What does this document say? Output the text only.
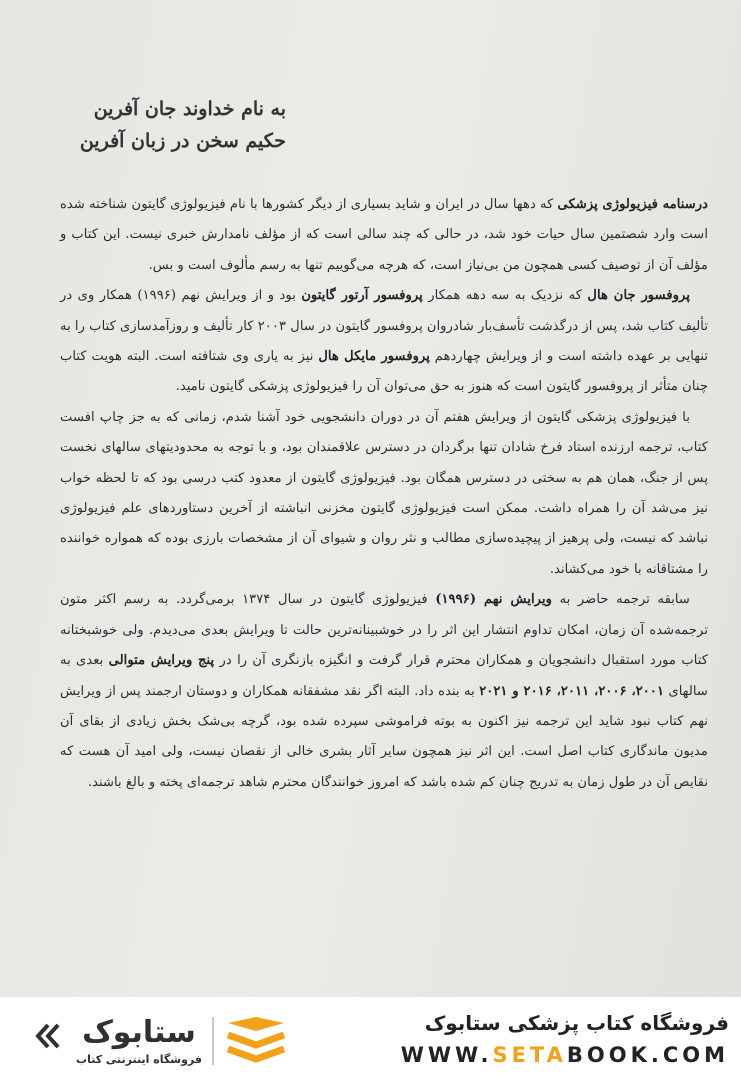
به نام خداوند جان آفرین
حکیم سخن در زبان آفرین

درسنامه فیزیولوژی پزشکی که دهها سال در ایران و شاید بسیاری از دیگر کشورها با نام فیزیولوژی گایتون شناخته شده است وارد شصتمین سال حیات خود شد، در حالی که چند سالی است که از مؤلف نامدارش خبری نیست. این کتاب و مؤلف آن از توصیف کسی همچون من بی‌نیاز است، که هرچه می‌گوییم تنها به رسم مألوف است و بس.

پروفسور جان هال که نزدیک به سه دهه همکار پروفسور آرتور گایتون بود و از ویرایش نهم (۱۹۹۶) همکار وی در تألیف کتاب شد، پس از درگذشت تأسف‌بار شادروان پروفسور گایتون در سال ۲۰۰۳ کار تألیف و روزآمدسازی کتاب را به تنهایی بر عهده داشته است و از ویرایش چهاردهم پروفسور مایکل هال نیز به یاری وی شتافته است. البته هویت کتاب چنان متأثر از پروفسور گایتون است که هنوز به حق می‌توان آن را فیزیولوژی پزشکی گایتون نامید.

با فیزیولوژی پزشکی گایتون از ویرایش هفتم آن در دوران دانشجویی خود آشنا شدم، زمانی که به جز چاپ افست کتاب، ترجمه ارزنده استاد فرخ شادان تنها برگردان در دسترس علاقمندان بود، و با توجه به محدودیتهای سالهای نخست پس از جنگ، همان هم به سختی در دسترس همگان بود. فیزیولوژی گایتون از معدود کتب درسی بود که تا لحظه خواب نیز می‌شد آن را همراه داشت. ممکن است فیزیولوژی گایتون مخزنی انباشته از آخرین دستاوردهای علم فیزیولوژی نباشد که نیست، ولی پرهیز از پیچیده‌سازی مطالب و نثر روان و شیوای آن از مشخصات بارزی بوده که همواره خواننده را مشتاقانه با خود می‌کشاند.

سابقه ترجمه حاضر به ویرایش نهم (۱۹۹۶) فیزیولوژی گایتون در سال ۱۳۷۴ برمی‌گردد. به رسم اکثر متون ترجمه‌شده آن زمان، امکان تداوم انتشار این اثر را در خوشبینانه‌ترین حالت تا ویرایش بعدی می‌دیدم. ولی خوشبختانه کتاب مورد استقبال دانشجویان و همکاران محترم قرار گرفت و انگیزه بازنگری آن را در پنج ویرایش متوالی بعدی به سالهای ۲۰۰۱، ۲۰۰۶، ۲۰۱۱، ۲۰۱۶ و ۲۰۲۱ به بنده داد. البته اگر نقد مشفقانه همکاران و دوستان ارجمند پس از ویرایش نهم کتاب نبود شاید این ترجمه نیز اکنون به بوته فراموشی سپرده شده بود، گرچه بی‌شک بخش زیادی از بقای آن مدیون ماندگاری کتاب اصل است. این اثر نیز همچون سایر آثار بشری خالی از نقصان نیست، ولی امید آن هست که نقایص آن در طول زمان به تدریج چنان کم شده باشد که امروز خوانندگان محترم شاهد ترجمه‌ای پخته و بالغ باشند.

ستابوک
فروشگاه اینترنتی کتاب
فروشگاه کتاب پزشکی ستابوک
WWW.SETABOOK.COM
